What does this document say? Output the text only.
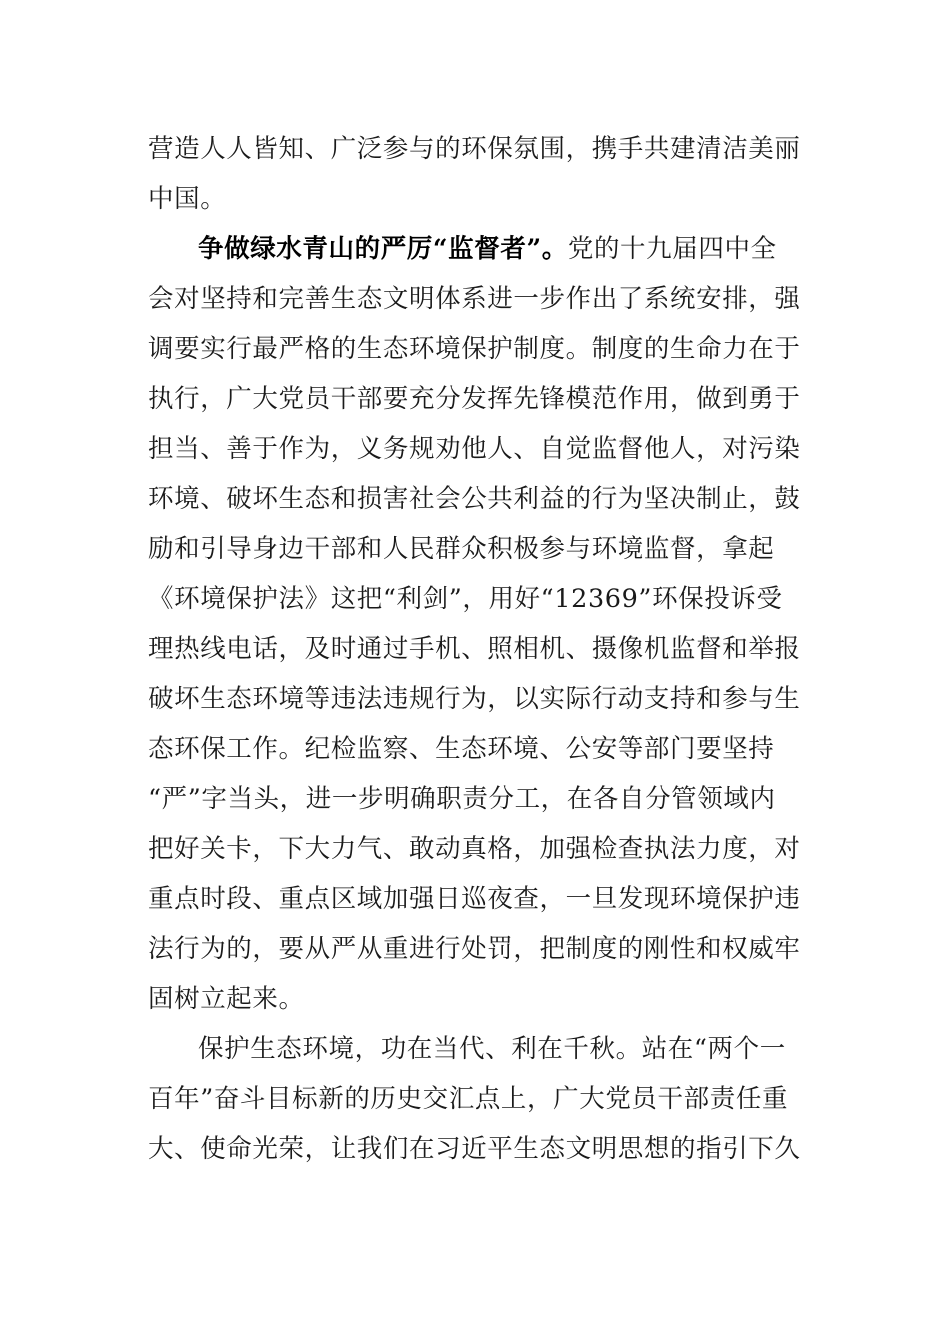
营造人人皆知、广泛参与的环保氛围，携手共建清洁美丽
中国。
争做绿水青山的严厉“监督者”。党的十九届四中全
会对坚持和完善生态文明体系进一步作出了系统安排，强
调要实行最严格的生态环境保护制度。制度的生命力在于
执行，广大党员干部要充分发挥先锋模范作用，做到勇于
担当、善于作为，义务规劝他人、自觉监督他人，对污染
环境、破坏生态和损害社会公共利益的行为坚决制止，鼓
励和引导身边干部和人民群众积极参与环境监督，拿起
《环境保护法》这把“利剑”，用好“12369”环保投诉受
理热线电话，及时通过手机、照相机、摄像机监督和举报
破坏生态环境等违法违规行为，以实际行动支持和参与生
态环保工作。纪检监察、生态环境、公安等部门要坚持
“严”字当头，进一步明确职责分工，在各自分管领域内
把好关卡，下大力气、敢动真格，加强检查执法力度，对
重点时段、重点区域加强日巡夜查，一旦发现环境保护违
法行为的，要从严从重进行处罚，把制度的刚性和权威牢
固树立起来。
保护生态环境，功在当代、利在千秋。站在“两个一
百年”奋斗目标新的历史交汇点上，广大党员干部责任重
大、使命光荣，让我们在习近平生态文明思想的指引下久
